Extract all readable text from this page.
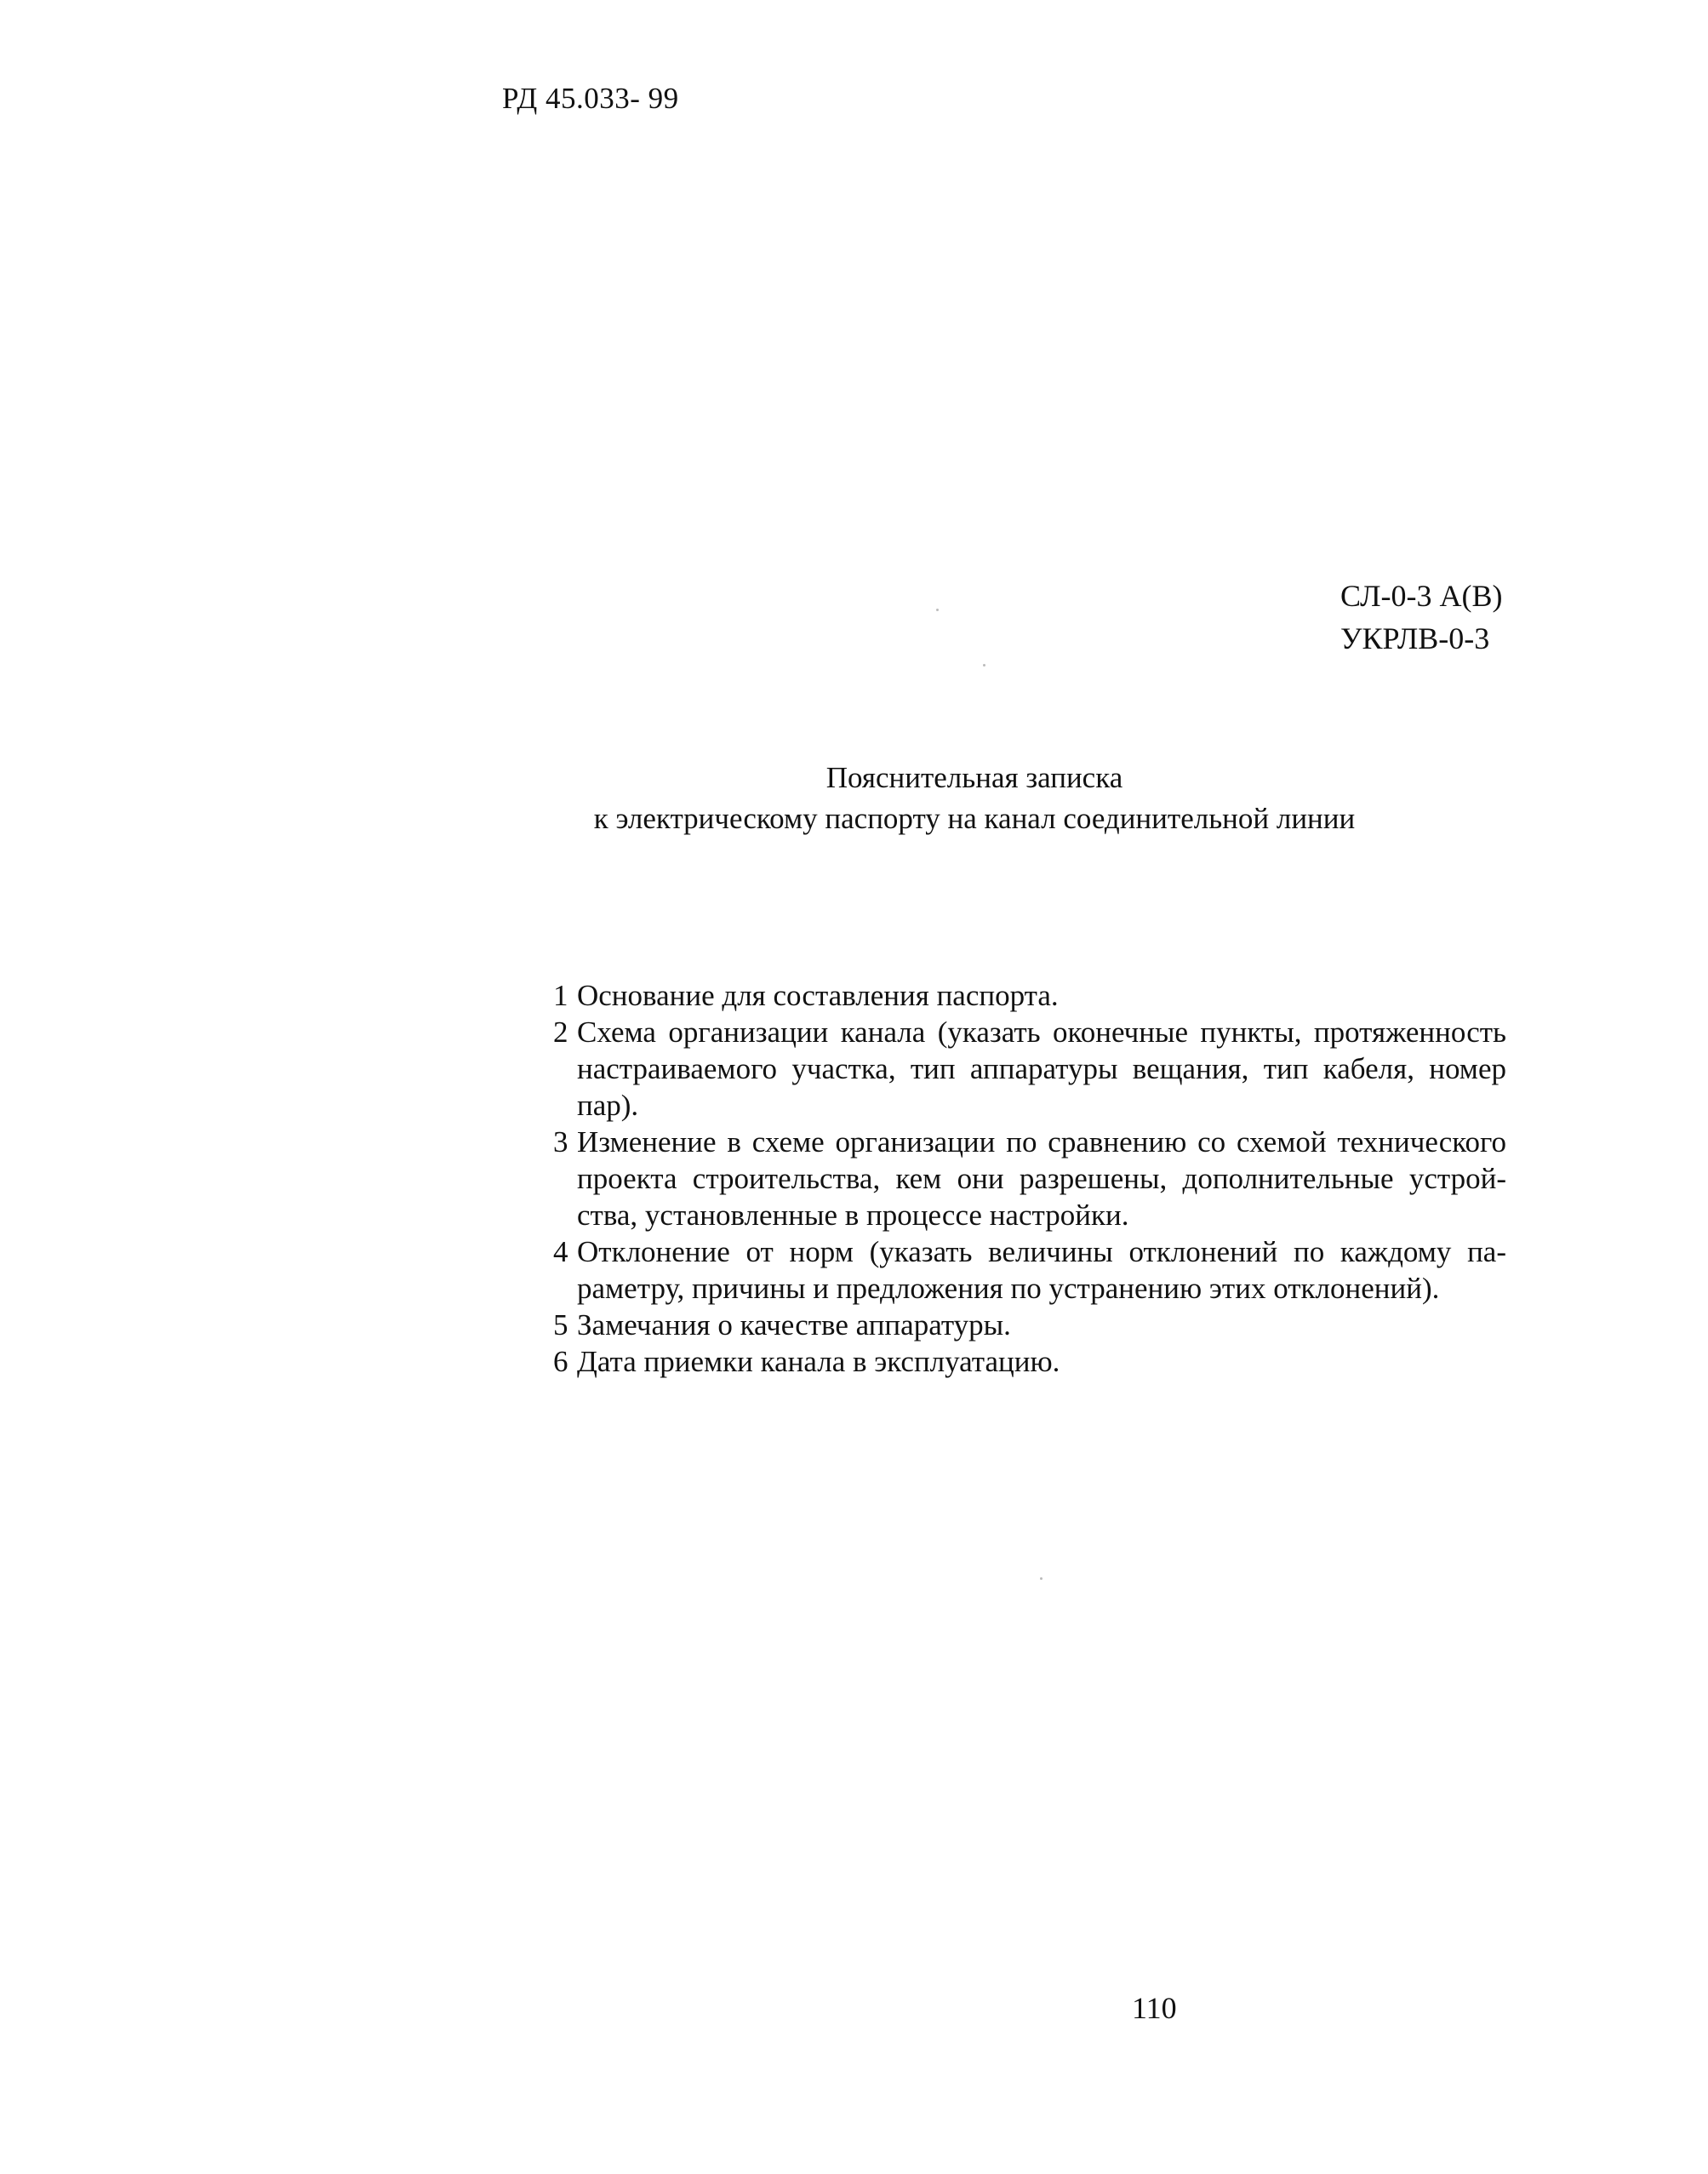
РД 45.033- 99
СЛ-0-3 А(В)
УКРЛВ-0-3
Пояснительная записка
к электрическому паспорту на канал соединительной линии
1 Основание для составления паспорта.
2 Схема организации канала (указать оконечные пункты, протяженность настраиваемого участка, тип аппаратуры вещания, тип кабеля, номер пар).
3 Изменение в схеме организации по сравнению со схемой технического проекта строительства, кем они разрешены, дополнительные устрой-ства, установленные в процессе настройки.
4 Отклонение от норм (указать величины отклонений по каждому па-раметру, причины и предложения по устранению этих отклонений).
5 Замечания о качестве аппаратуры.
6 Дата приемки канала в эксплуатацию.
110
